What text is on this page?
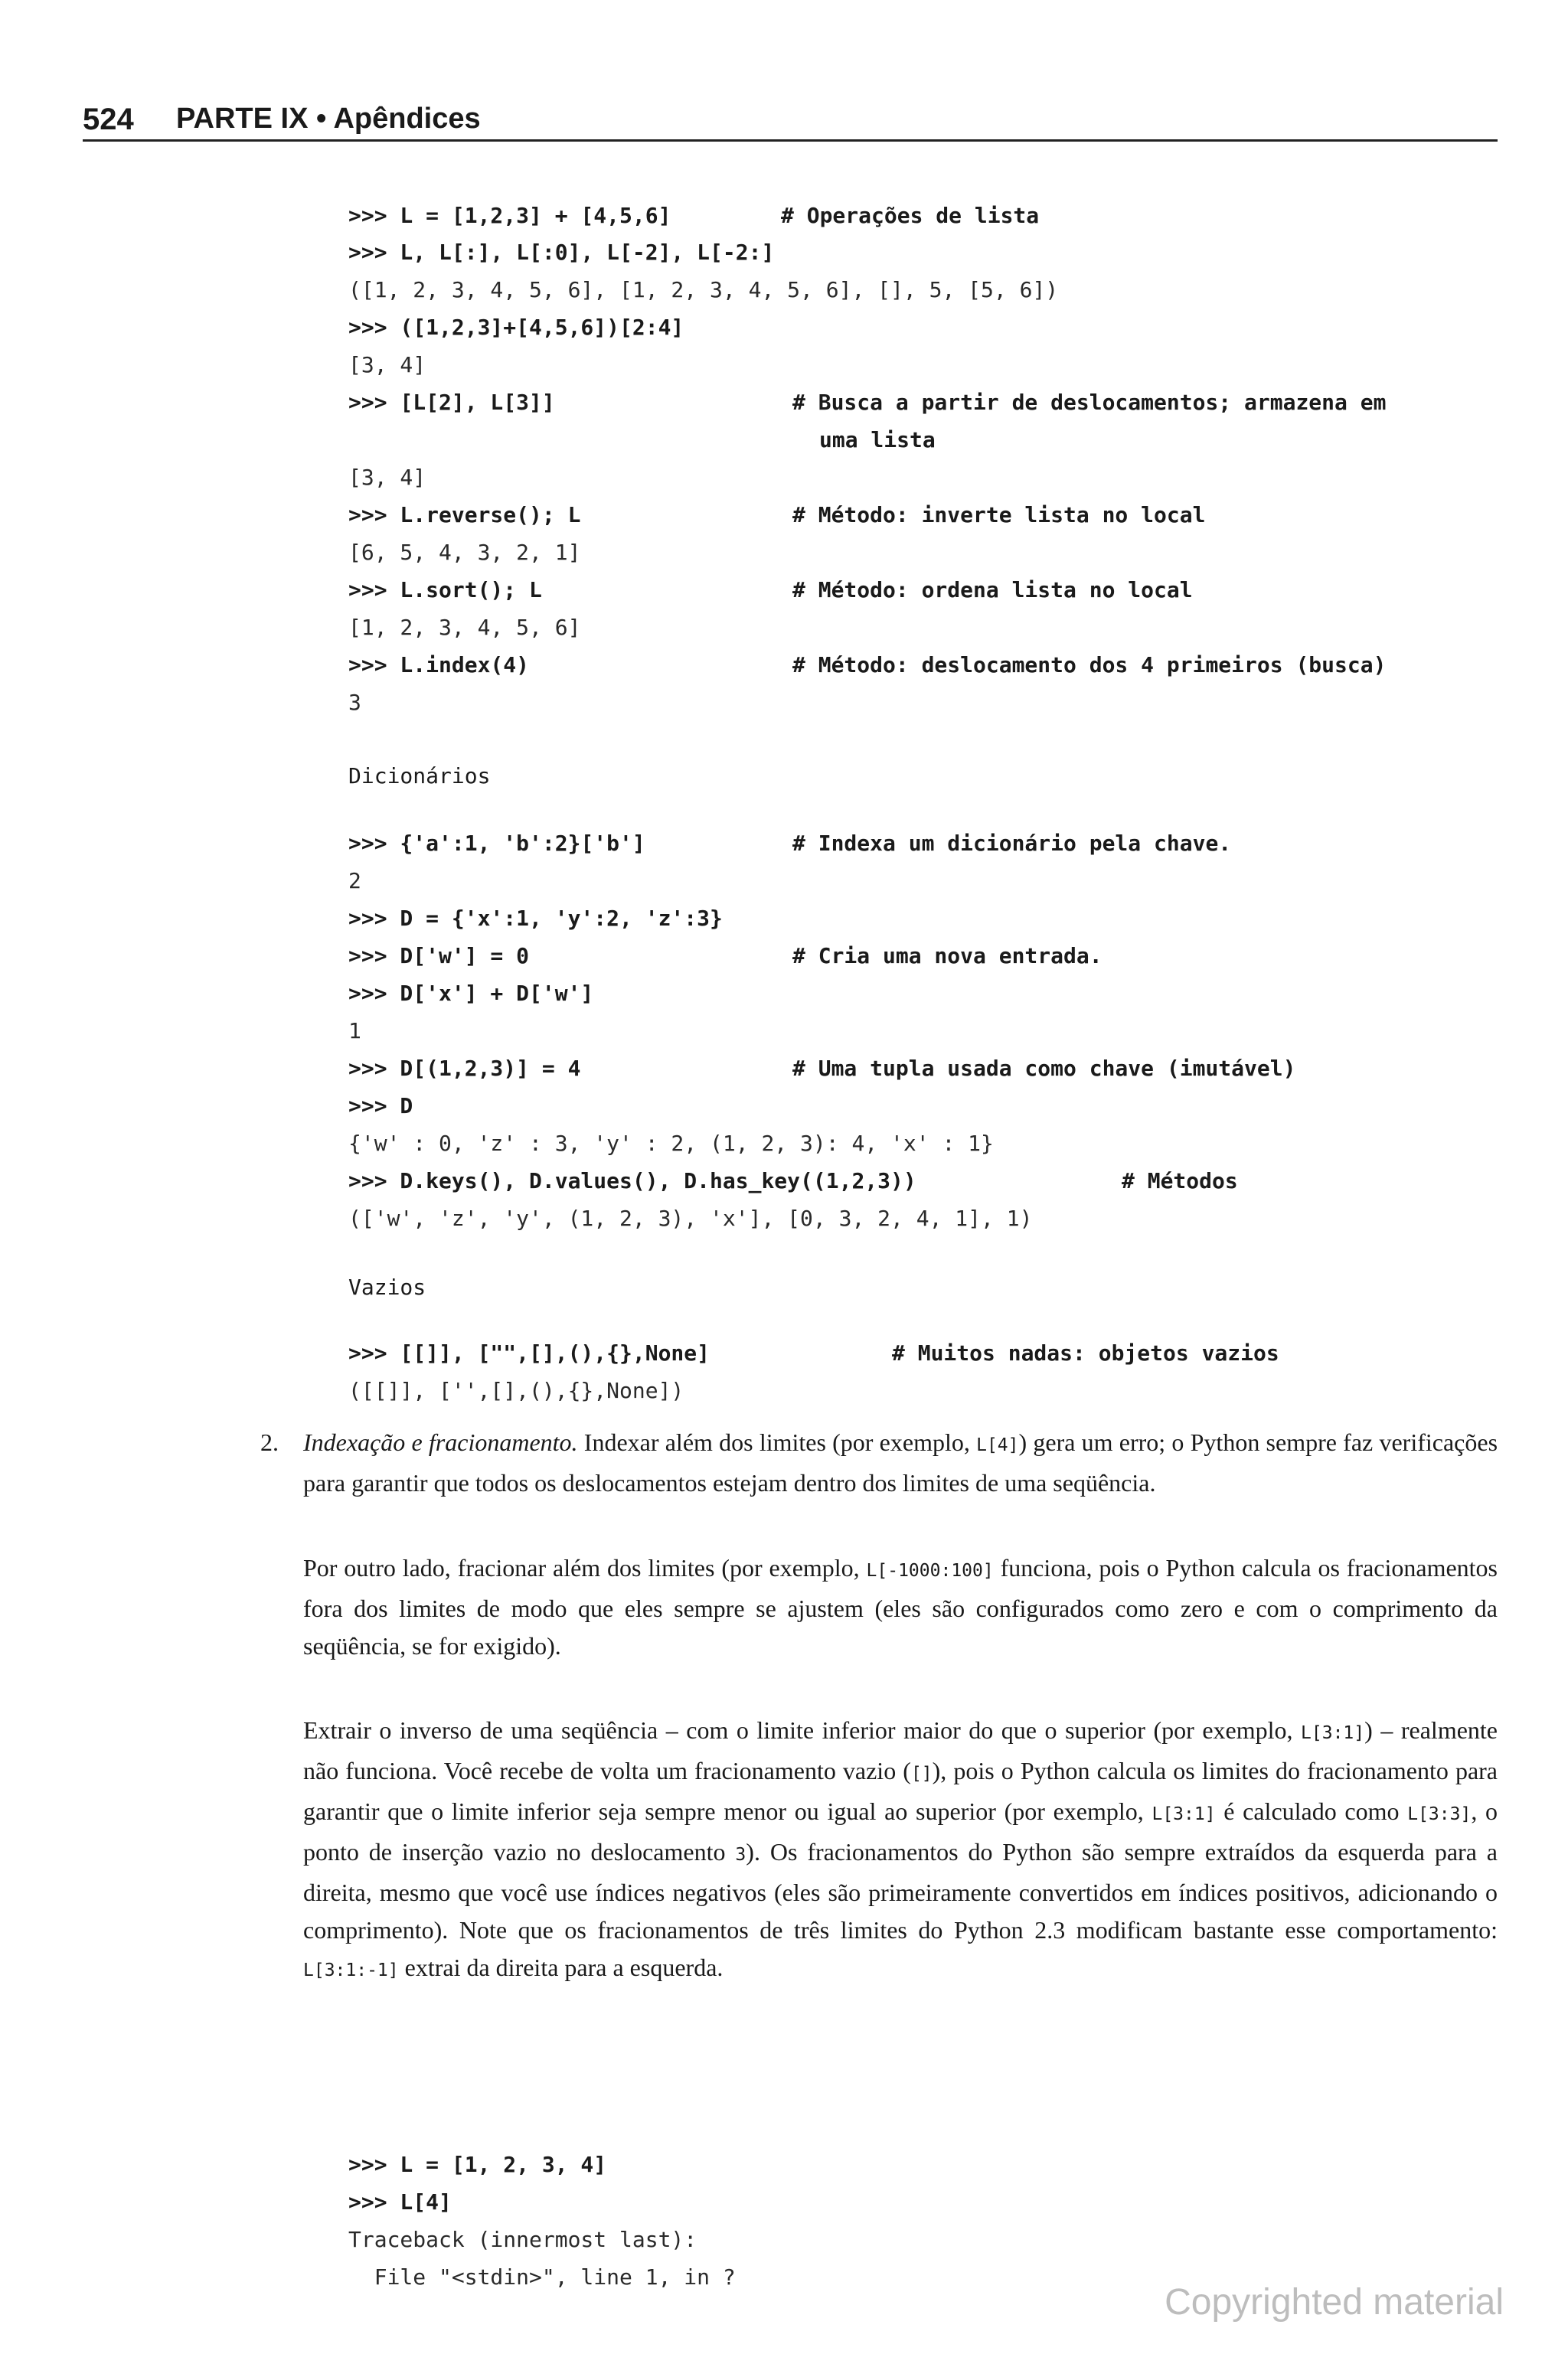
524 PARTE IX • Apêndices

>>> L = [1,2,3] + [4,5,6]

	# Operações de lista

>>> L, L[:], L[:0], L[-2], L[-2:]

([1, 2, 3, 4, 5, 6], [1, 2, 3, 4, 5, 6], [], 5, [5, 6])

>>> ([1,2,3]+[4,5,6])[2:4]

[3, 4]

>>> [L[2], L[3]]

	# Busca a partir de deslocamentos; armazena em

uma lista

[3, 4]

>>> L.reverse(); L

	# Método: inverte lista no local

[6, 5, 4, 3, 2, 1]

>>> L.sort(); L

	# Método: ordena lista no local

[1, 2, 3, 4, 5, 6]

>>> L.index(4)

	# Método: deslocamento dos 4 primeiros (busca)

3

Dicionários

>>> {'a':1, 'b':2}['b']

	# Indexa um dicionário pela chave.

2

>>> D = {'x':1, 'y':2, 'z':3}

>>> D['w'] = 0

	# Cria uma nova entrada.

>>> D['x'] + D['w']

1

>>> D[(1,2,3)] = 4

	# Uma tupla usada como chave (imutável)

>>> D

{'w' : 0, 'z' : 3, 'y' : 2, (1, 2, 3): 4, 'x' : 1}

>>> D.keys(), D.values(), D.has_key((1,2,3))

	# Métodos

(['w', 'z', 'y', (1, 2, 3), 'x'], [0, 3, 2, 4, 1], 1)

Vazios

>>> [[]], ["",[],(),{},None]

	# Muitos nadas: objetos vazios

([[]], ['',[],(),{},None])

2. Indexação e fracionamento. Indexar além dos limites (por exemplo, L[4]) gera um erro; o Python sempre faz verificações para garantir que todos os deslocamentos estejam dentro dos limites de uma seqüência.
Por outro lado, fracionar além dos limites (por exemplo, L[-1000:100] funciona, pois o Python calcula os fracionamentos fora dos limites de modo que eles sempre se ajustem (eles são configurados como zero e com o comprimento da seqüência, se for exigido).
Extrair o inverso de uma seqüência – com o limite inferior maior do que o superior (por exemplo, L[3:1]) – realmente não funciona. Você recebe de volta um fracionamento vazio ([]), pois o Python calcula os limites do fracionamento para garantir que o limite inferior seja sempre menor ou igual ao superior (por exemplo, L[3:1] é calculado como L[3:3], o ponto de inserção vazio no deslocamento 3). Os fracionamentos do Python são sempre extraídos da esquerda para a direita, mesmo que você use índices negativos (eles são primeiramente convertidos em índices positivos, adicionando o comprimento). Note que os fracionamentos de três limites do Python 2.3 modificam bastante esse comportamento: L[3:1:-1] extrai da direita para a esquerda.

>>> L = [1, 2, 3, 4]

>>> L[4]

Traceback (innermost last):

File "<stdin>", line 1, in ?

Copyrighted material
